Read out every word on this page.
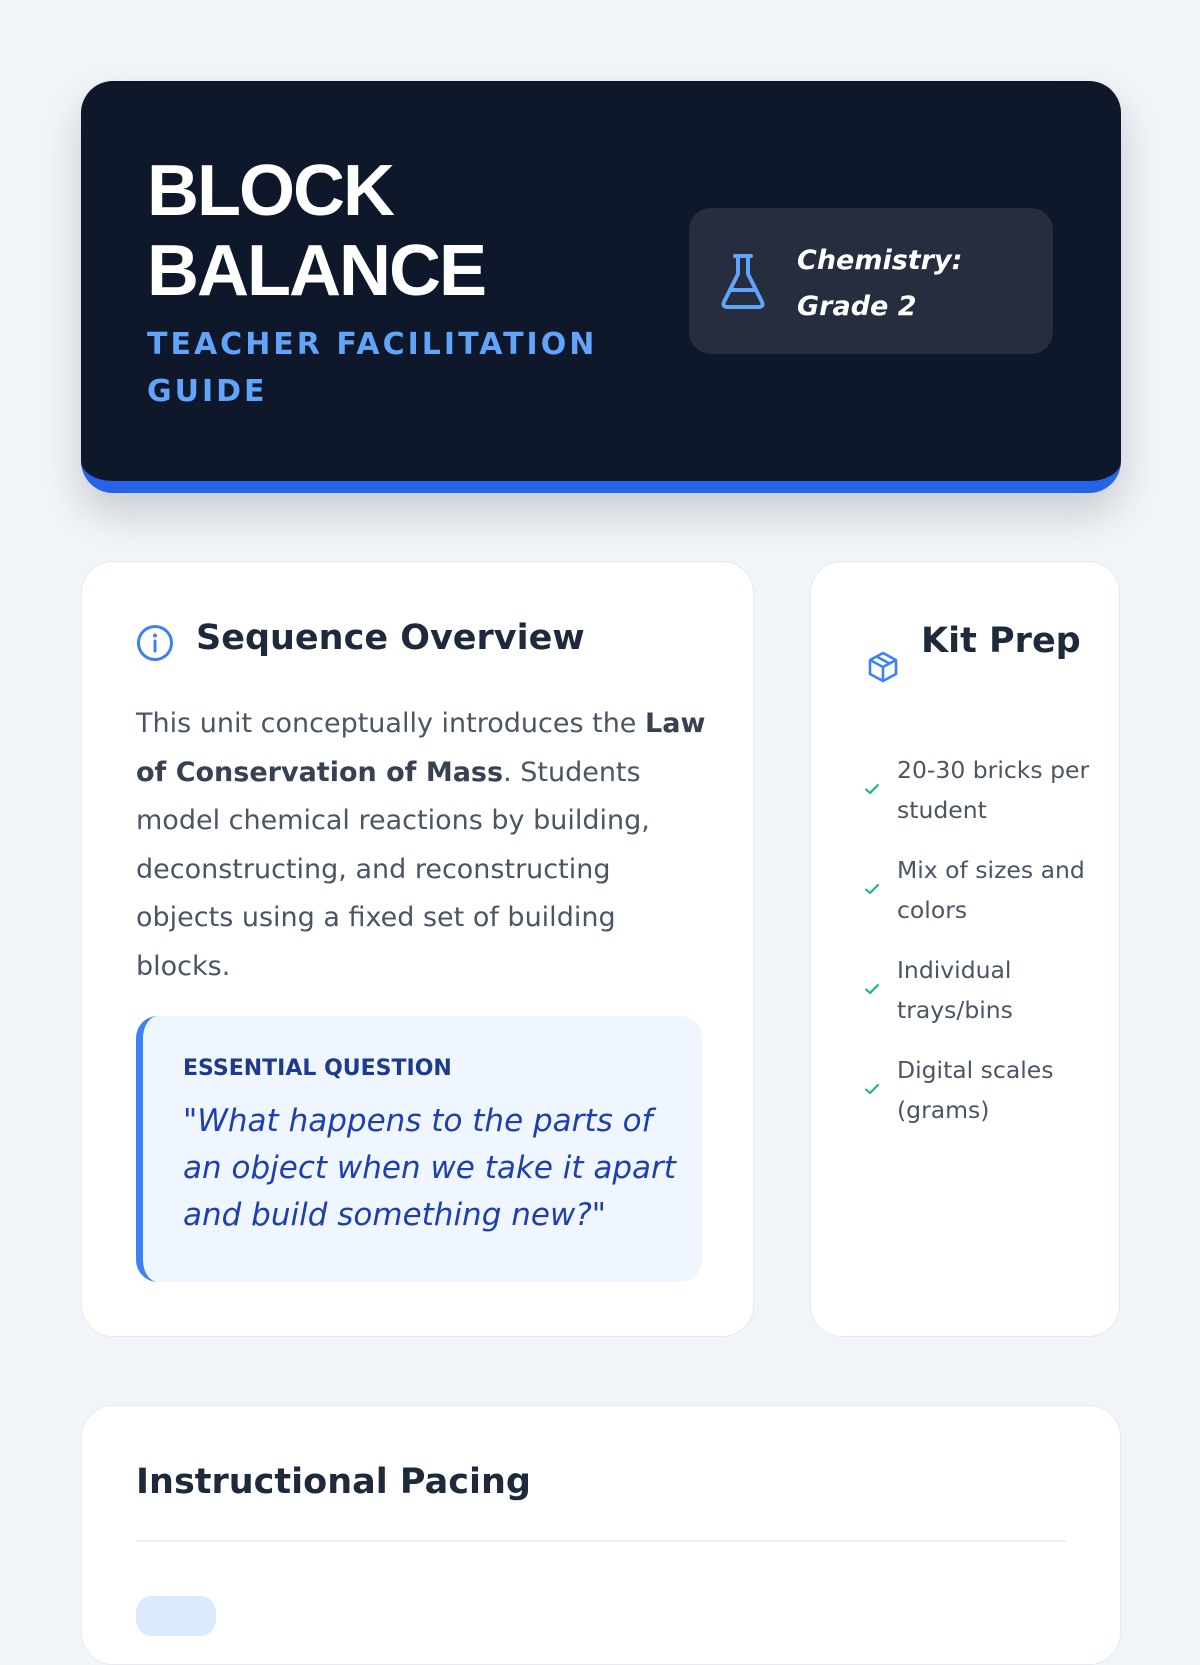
BLOCK
BALANCE
TEACHER FACILITATION GUIDE
Chemistry:
Grade 2
Sequence Overview

This unit conceptually introduces the Law of Conservation of Mass. Students model chemical reactions by building, deconstructing, and reconstructing objects using a fixed set of building blocks.

ESSENTIAL QUESTION
"What happens to the parts of an object when we take it apart and build something new?"
Kit Prep
20-30 bricks per student
Mix of sizes and colors
Individual trays/bins
Digital scales (grams)
Instructional Pacing
